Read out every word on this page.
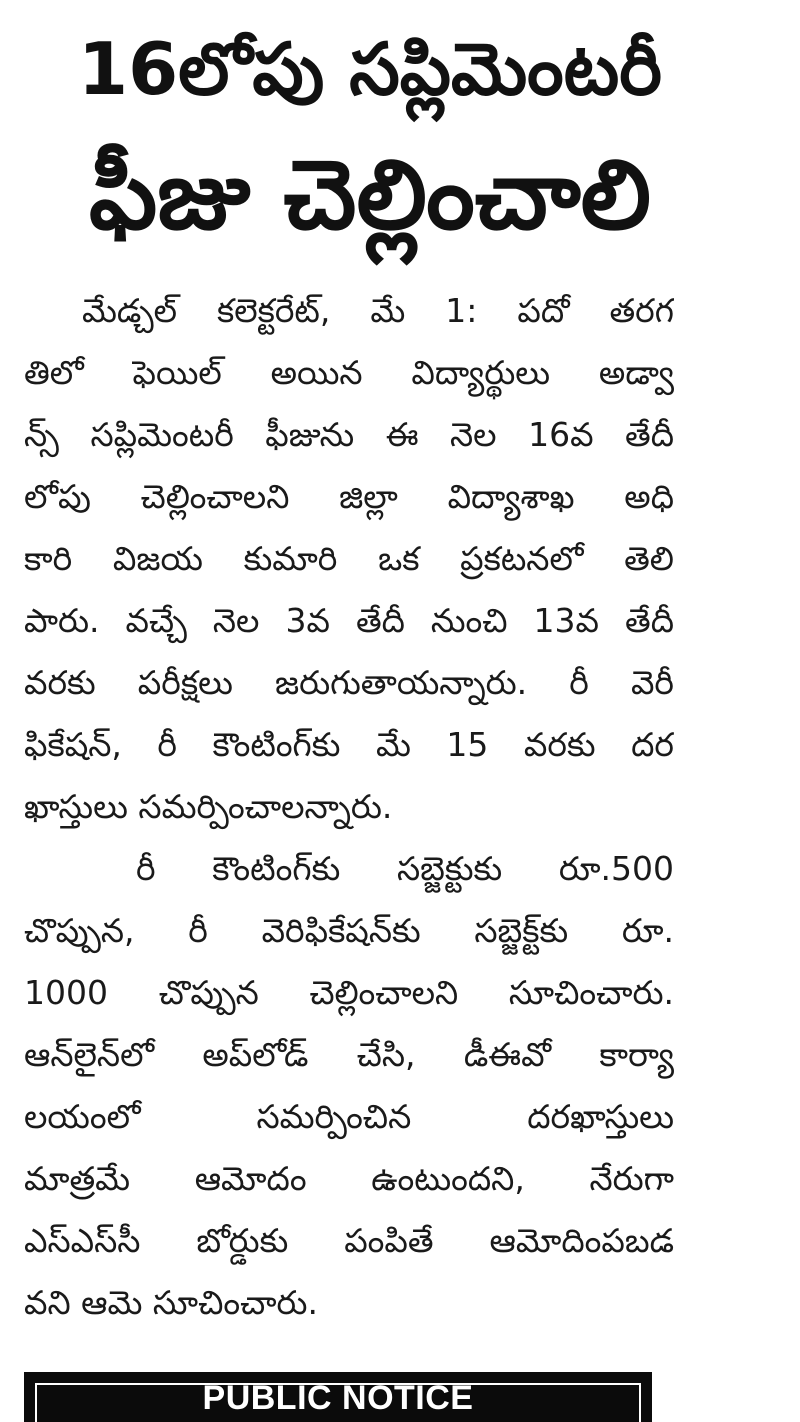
16లోపు సప్లిమెంటరీ
ఫీజు చెల్లించాలి
మేడ్చల్ కలెక్టరేట్, మే 1: పదో తరగ
తిలో ఫెయిల్ అయిన విద్యార్థులు అడ్వా
న్స్ సప్లిమెంటరీ ఫీజును ఈ నెల 16వ తేదీ
లోపు చెల్లించాలని జిల్లా విద్యాశాఖ అధి
కారి విజయ కుమారి ఒక ప్రకటనలో తెలి
పారు. వచ్చే నెల 3వ తేదీ నుంచి 13వ తేదీ
వరకు పరీక్షలు జరుగుతాయన్నారు. రీ వెరీ
ఫికేషన్, రీ కౌంటింగ్‌కు మే 15 వరకు దర
ఖాస్తులు సమర్పించాలన్నారు.
రీ కౌంటింగ్‌కు సబ్జెక్టుకు రూ.500
చొప్పున, రీ వెరిఫికేషన్‌కు సబ్జెక్ట్‌కు రూ.
1000 చొప్పున చెల్లించాలని సూచించారు.
ఆన్‌లైన్‌లో అప్‌లోడ్ చేసి, డీఈవో కార్యా
లయంలో సమర్పించిన దరఖాస్తులు
మాత్రమే ఆమోదం ఉంటుందని, నేరుగా
ఎస్ఎస్‌సీ బోర్డుకు పంపితే ఆమోదింపబడ
వని ఆమె సూచించారు.
PUBLIC NOTICE
